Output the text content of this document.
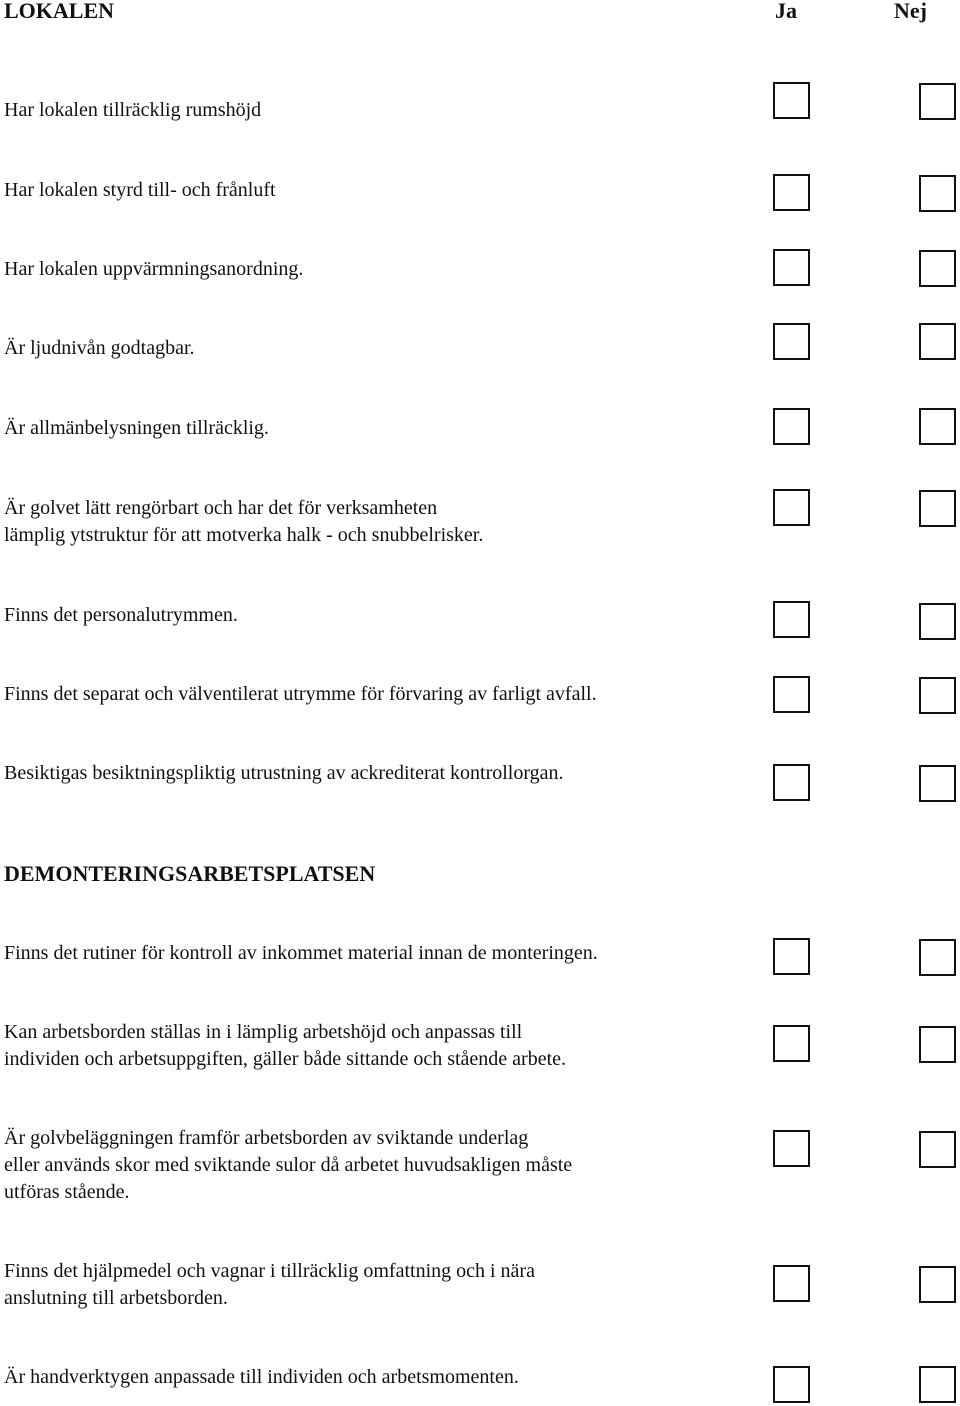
LOKALEN	Ja	Nej
Har lokalen tillräcklig rumshöjd
Har lokalen styrd till- och frånluft
Har lokalen uppvärmningsanordning.
Är ljudnivån godtagbar.
Är allmänbelysningen tillräcklig.
Är golvet lätt rengörbart och har det för verksamheten
lämplig ytstruktur för att motverka halk - och snubbelrisker.
Finns det personalutrymmen.
Finns det separat och välventilerat utrymme för förvaring av farligt avfall.
Besiktigas besiktningspliktig utrustning av ackrediterat kontrollorgan.
DEMONTERINGSARBETSPLATSEN
Finns det rutiner för kontroll av inkommet material innan de monteringen.
Kan arbetsborden ställas in i lämplig arbetshöjd och anpassas till
individen och arbetsuppgiften, gäller både sittande och stående arbete.
Är golvbeläggningen framför arbetsborden av sviktande underlag
eller används skor med sviktande sulor då arbetet huvudsakligen måste
utföras stående.
Finns det hjälpmedel och vagnar i tillräcklig omfattning och i nära
anslutning till arbetsborden.
Är handverktygen anpassade till individen och arbetsmomenten.
